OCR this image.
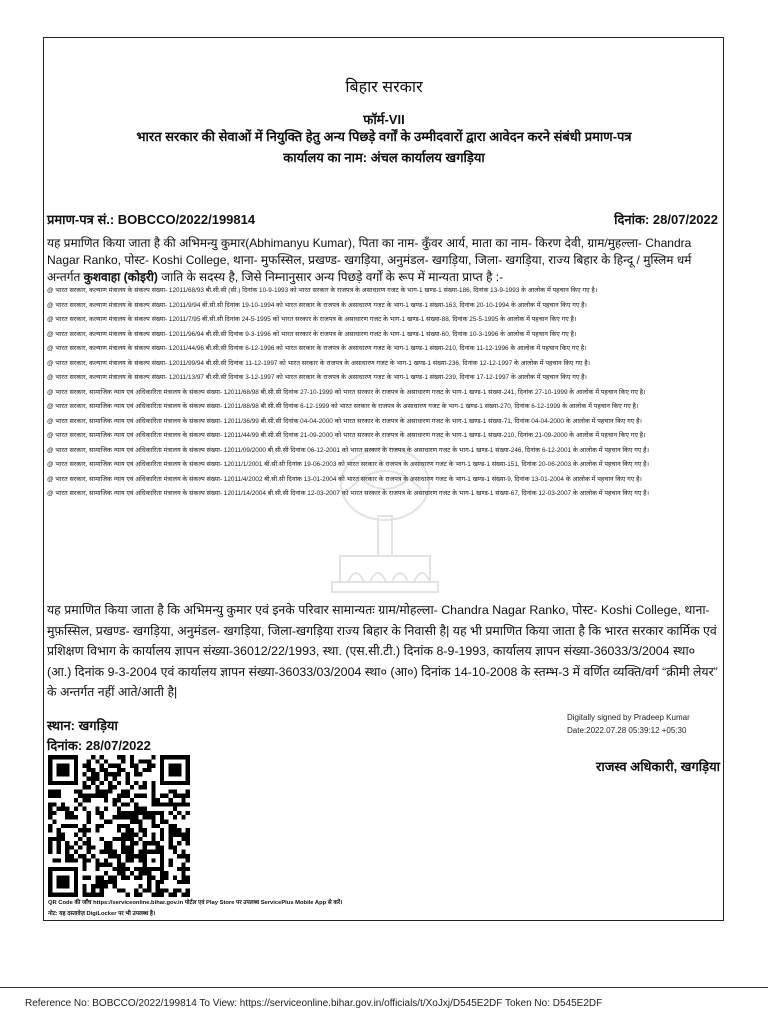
बिहार सरकार
फॉर्म-VII
भारत सरकार की सेवाओं में नियुक्ति हेतु अन्य पिछड़े वर्गों के उम्मीदवारों द्वारा आवेदन करने संबंधी प्रमाण-पत्र
कार्यालय का नाम: अंचल कार्यालय खगड़िया
प्रमाण-पत्र सं.: BOBCCO/2022/199814	दिनांक: 28/07/2022
यह प्रमाणित किया जाता है की अभिमन्यु कुमार(Abhimanyu Kumar), पिता का नाम- कुँवर आर्य, माता का नाम- किरण देवी, ग्राम/मुहल्ला- Chandra Nagar Ranko, पोस्ट- Koshi College, थाना- मुफस्सिल, प्रखण्ड- खगड़िया, अनुमंडल- खगड़िया, जिला- खगड़िया, राज्य बिहार के हिन्दू / मुस्लिम धर्म अन्तर्गत कुशवाहा (कोइरी) जाति के सदस्य है, जिसे निम्नानुसार अन्य पिछड़े वर्गों के रूप में मान्यता प्राप्त है :-
@ भारत सरकार, कल्याण मंत्रालय के संकल्प संख्या- 12011/68/93 बी.सी.सी (सी.) दिनांक 10-9-1993 को भारत सरकार के राजपत्र के असाधारण गजट के भाग-1 खण्ड-1 संख्या-186, दिनांक 13-9-1993 के आलोक में पहचान किए गए है।
@ भारत सरकार, कल्याण मंत्रालय के संकल्प संख्या- 12011/9/94 बी.सी.सी दिनांक 19-10-1994 को भारत सरकार के राजपत्र के असाधारण गजट के भाग-1 खण्ड-1 संख्या-163, दिनांक 20-10-1994 के आलोक में पहचान किए गए है।
@ भारत सरकार, कल्याण मंत्रालय के संकल्प संख्या- 12011/7/95 बी.सी.सी दिनांक 24-5-1995 को भारत सरकार के राजपत्र के असाधारण गजट के भाग-1 खण्ड-1 संख्या-88, दिनांक 25-5-1995 के आलोक में पहचान किए गए है।
@ भारत सरकार, कल्याण मंत्रालय के संकल्प संख्या- 12011/96/94 बी.सी.सी दिनांक 9-3-1996 को भारत सरकार के राजपत्र के असाधारण गजट के भाग-1 खण्ड-1 संख्या-60, दिनांक 10-3-1996 के आलोक में पहचान किए गए है।
@ भारत सरकार, कल्याण मंत्रालय के संकल्प संख्या- 12011/44/96 बी.सी.सी दिनांक 6-12-1996 को भारत सरकार के राजपत्र के असाधारण गजट के भाग-1 खण्ड-1 संख्या-210, दिनांक 11-12-1996 के आलोक में पहचान किए गए है।
@ भारत सरकार, कल्याण मंत्रालय के संकल्प संख्या- 12011/99/94 बी.सी.सी दिनांक 11-12-1997 को भारत सरकार के राजपत्र के असाधारण गजट के भाग-1 खण्ड-1 संख्या-236, दिनांक 12-12-1997 के आलोक में पहचान किए गए है।
@ भारत सरकार, कल्याण मंत्रालय के संकल्प संख्या- 12011/13/97 बी.सी.सी दिनांक 3-12-1997 को भारत सरकार के राजपत्र के असाधारण गजट के भाग-1 खण्ड-1 संख्या-239, दिनांक 17-12-1997 के आलोक में पहचान किए गए है।
@ भारत सरकार, सामाजिक न्याय एवं अधिकारिता मंत्रालय के संकल्प संख्या- 12011/68/98 बी.सी.सी दिनांक 27-10-1999 को भारत सरकार के राजपत्र के असाधारण गजट के भाग-1 खण्ड-1 संख्या-241, दिनांक 27-10-1999 के आलोक में पहचान किए गए है।
@ भारत सरकार, सामाजिक न्याय एवं अधिकारिता मंत्रालय के संकल्प संख्या- 12011/88/98 बी.सी.सी दिनांक 6-12-1999 को भारत सरकार के राजपत्र के असाधारण गजट के भाग-1 खण्ड-1 संख्या-270, दिनांक 6-12-1999 के आलोक में पहचान किए गए है।
@ भारत सरकार, सामाजिक न्याय एवं अधिकारिता मंत्रालय के संकल्प संख्या- 12011/36/99 बी.सी.सी दिनांक 04-04-2000 को भारत सरकार के राजपत्र के असाधारण गजट के भाग-1 खण्ड-1 संख्या-71, दिनांक 04-04-2000 के आलोक में पहचान किए गए है।
@ भारत सरकार, सामाजिक न्याय एवं अधिकारिता मंत्रालय के संकल्प संख्या- 12011/44/99 बी.सी.सी दिनांक 21-09-2000 को भारत सरकार के राजपत्र के असाधारण गजट के भाग-1 खण्ड-1 संख्या-210, दिनांक 21-09-2000 के आलोक में पहचान किए गए है।
@ भारत सरकार, सामाजिक न्याय एवं अधिकारिता मंत्रालय के संकल्प संख्या- 12011/09/2000 बी.सी.सी दिनांक 06-12-2001 को भारत सरकार के राजपत्र के असाधारण गजट के भाग-1 खण्ड-1 संख्या-246, दिनांक 6-12-2001 के आलोक में पहचान किए गए है।
@ भारत सरकार, सामाजिक न्याय एवं अधिकारिता मंत्रालय के संकल्प संख्या- 12011/1/2001 बी.सी.सी दिनांक 19-06-2003 को भारत सरकार के राजपत्र के असाधारण गजट के भाग-1 खण्ड-1 संख्या-151, दिनांक 20-06-2003 के आलोक में पहचान किए गए है।
@ भारत सरकार, सामाजिक न्याय एवं अधिकारिता मंत्रालय के संकल्प संख्या- 12011/4/2002 बी.सी.सी दिनांक 13-01-2004 को भारत सरकार के राजपत्र के असाधारण गजट के भाग-1 खण्ड-1 संख्या-9, दिनांक 13-01-2004 के आलोक में पहचान किए गए है।
@ भारत सरकार, सामाजिक न्याय एवं अधिकारिता मंत्रालय के संकल्प संख्या- 12011/14/2004 बी.सी.सी दिनांक 12-03-2007 को भारत सरकार के राजपत्र के असाधारण गजट के भाग-1 खण्ड-1 संख्या-67, दिनांक 12-03-2007 के आलोक में पहचान किए गए है।
यह प्रमाणित किया जाता है कि अभिमन्यु कुमार एवं इनके परिवार सामान्यतः ग्राम/मोहल्ला- Chandra Nagar Ranko, पोस्ट- Koshi College, थाना- मुफ़स्सिल, प्रखण्ड- खगड़िया, अनुमंडल- खगड़िया, जिला-खगड़िया राज्य बिहार के निवासी है| यह भी प्रमाणित किया जाता है कि भारत सरकार कार्मिक एवं प्रशिक्षण विभाग के कार्यालय ज्ञापन संख्या-36012/22/1993, स्था. (एस.सी.टी.) दिनांक 8-9-1993, कार्यालय ज्ञापन संख्या-36033/3/2004 स्था० (आ.) दिनांक 9-3-2004 एवं कार्यालय ज्ञापन संख्या-36033/03/2004 स्था० (आ०) दिनांक 14-10-2008 के स्तम्भ-3 में वर्णित व्यक्ति/वर्ग “क्रीमी लेयर” के अन्तर्गत नहीं आते/आती है|
स्थान: खगड़िया
दिनांक: 28/07/2022
Digitally signed by Pradeep Kumar
Date:2022.07.28 05:39:12 +05:30
राजस्व अधिकारी, खगड़िया
QR Code की जाँच https://serviceonline.bihar.gov.in पोर्टल एवं Play Store पर उपलब्ध ServicePlus Mobile App से करें।
नोट: यह दस्तावेज़ DigiLocker पर भी उपलब्ध है।
Reference No: BOBCCO/2022/199814 To View: https://serviceonline.bihar.gov.in/officials/t/XoJxj/D545E2DF Token No: D545E2DF
